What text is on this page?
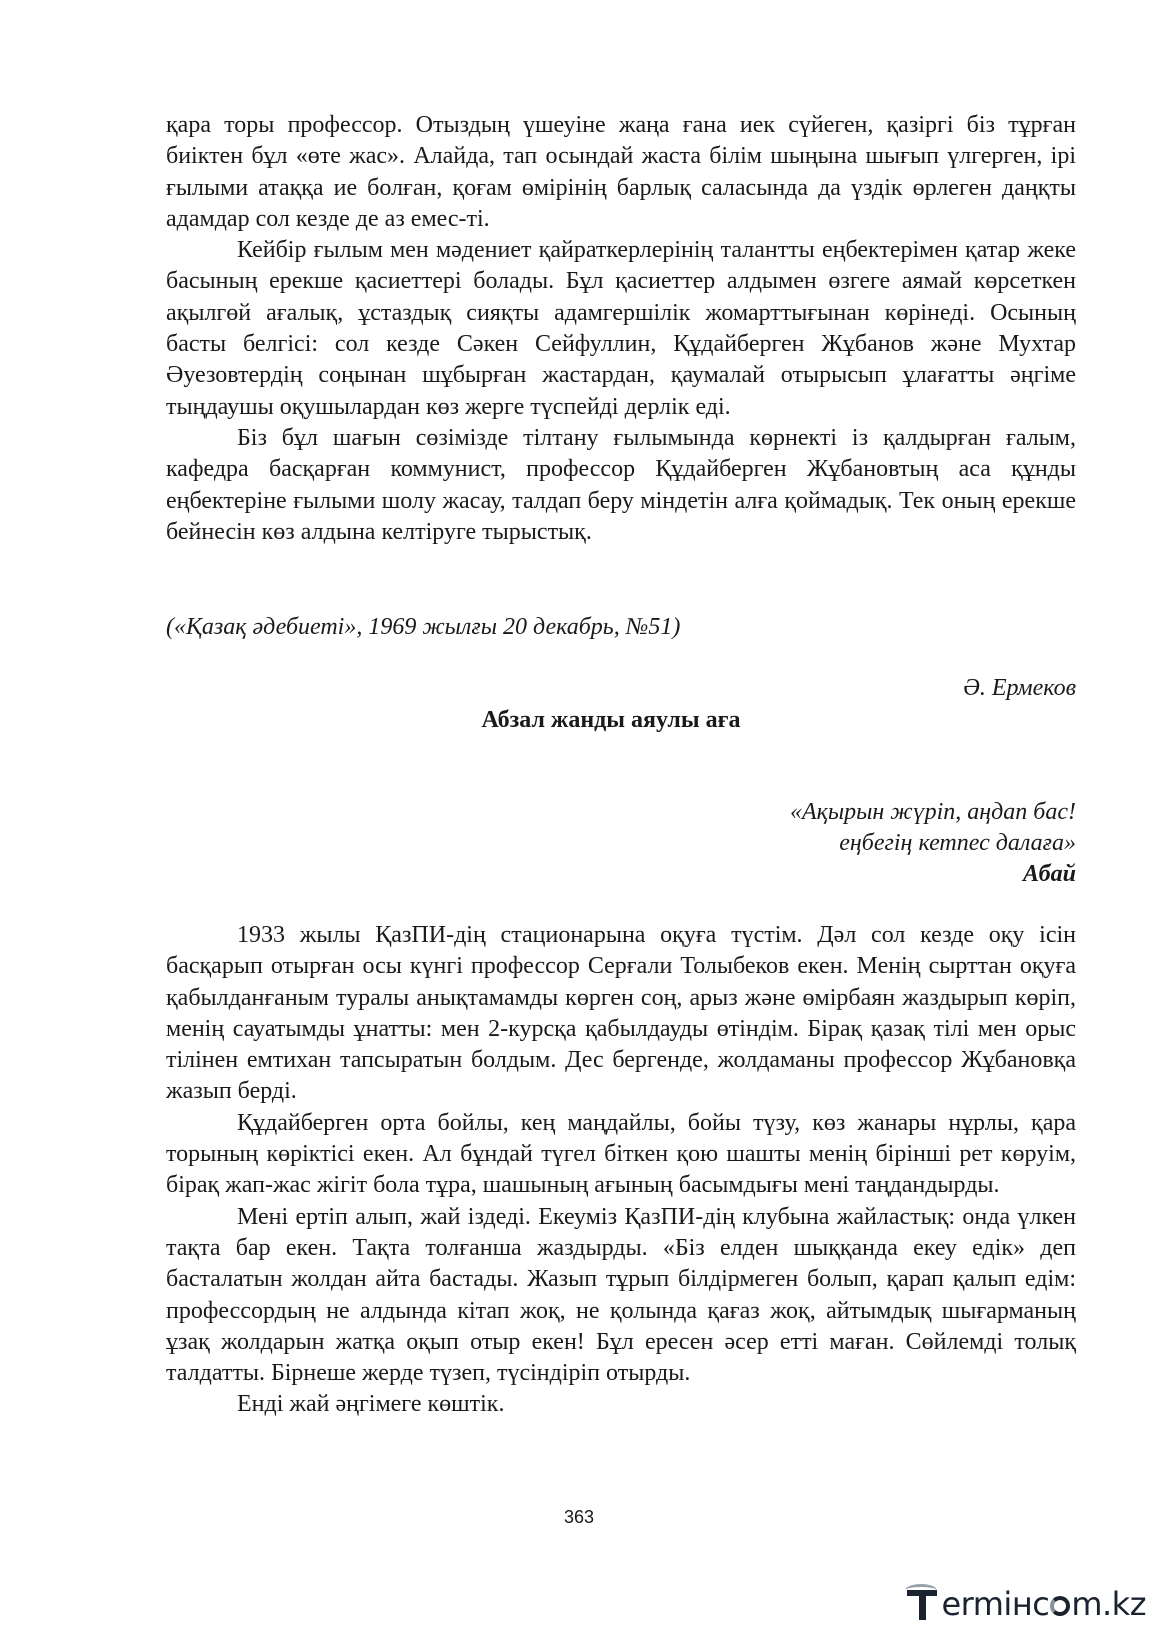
қара торы профессор. Отыздың үшеуіне жаңа ғана иек сүйеген, қазіргі біз тұрған биіктен бұл «өте жас». Алайда, тап осындай жаста білім шыңына шығып үлгерген, ірі ғылыми атаққа ие болған, қоғам өмірінің барлық саласында да үздік өрлеген даңқты адамдар сол кезде де аз емес-ті.

Кейбір ғылым мен мәдениет қайраткерлерінің талантты еңбектерімен қатар жеке басының ерекше қасиеттері болады. Бұл қасиеттер алдымен өзгеге аямай көрсеткен ақылгөй ағалық, ұстаздық сияқты адамгершілік жомарттығынан көрінеді. Осының басты белгісі: сол кезде Сәкен Сейфуллин, Құдайберген Жұбанов және Мухтар Әуезовтердің соңынан шұбырған жастардан, қаумалай отырысып ұлағатты әңгіме тыңдаушы оқушылардан көз жерге түспейді дерлік еді.

Біз бұл шағын сөзімізде тілтану ғылымында көрнекті із қалдырған ғалым, кафедра басқарған коммунист, профессор Құдайберген Жұбановтың аса құнды еңбектеріне ғылыми шолу жасау, талдап беру міндетін алға қоймадық. Тек оның ерекше бейнесін көз алдына келтіруге тырыстық.

(«Қазақ әдебиеті», 1969 жылғы 20 декабрь, №51)
Ә. Ермеков
Абзал жанды аяулы аға
«Ақырын жүріп, аңдап бас!
еңбегің кетпес далаға»
Абай

1933 жылы ҚазПИ-дің стационарына оқуға түстім. Дәл сол кезде оқу ісін басқарып отырған осы күнгі профессор Серғали Толыбеков екен. Менің сырттан оқуға қабылданғаным туралы анықтамамды көрген соң, арыз және өмірбаян жаздырып көріп, менің сауатымды ұнатты: мен 2-курсқа қабылдауды өтіндім. Бірақ қазақ тілі мен орыс тілінен емтихан тапсыратын болдым. Дес бергенде, жолдаманы профессор Жұбановқа жазып берді.

Құдайберген орта бойлы, кең маңдайлы, бойы түзу, көз жанары нұрлы, қара торының көріктісі екен. Ал бұндай түгел біткен қою шашты менің бірінші рет көруім, бірақ жап-жас жігіт бола тұра, шашының ағының басымдығы мені таңдандырды.

Мені ертіп алып, жай іздеді. Екеуміз ҚазПИ-дің клубына жайластық: онда үлкен тақта бар екен. Тақта толғанша жаздырды. «Біз елден шыққанда екеу едік» деп басталатын жолдан айта бастады. Жазып тұрып білдірмеген болып, қарап қалып едім: профессордың не алдында кітап жоқ, не қолында қағаз жоқ, айтымдық шығарманың ұзақ жолдарын жатқа оқып отыр екен! Бұл ересен әсер етті маған. Сөйлемді толық талдатты. Бірнеше жерде түзеп, түсіндіріп отырды.

Енді жай әңгімеге көштік.

363
ermінc m.kz
